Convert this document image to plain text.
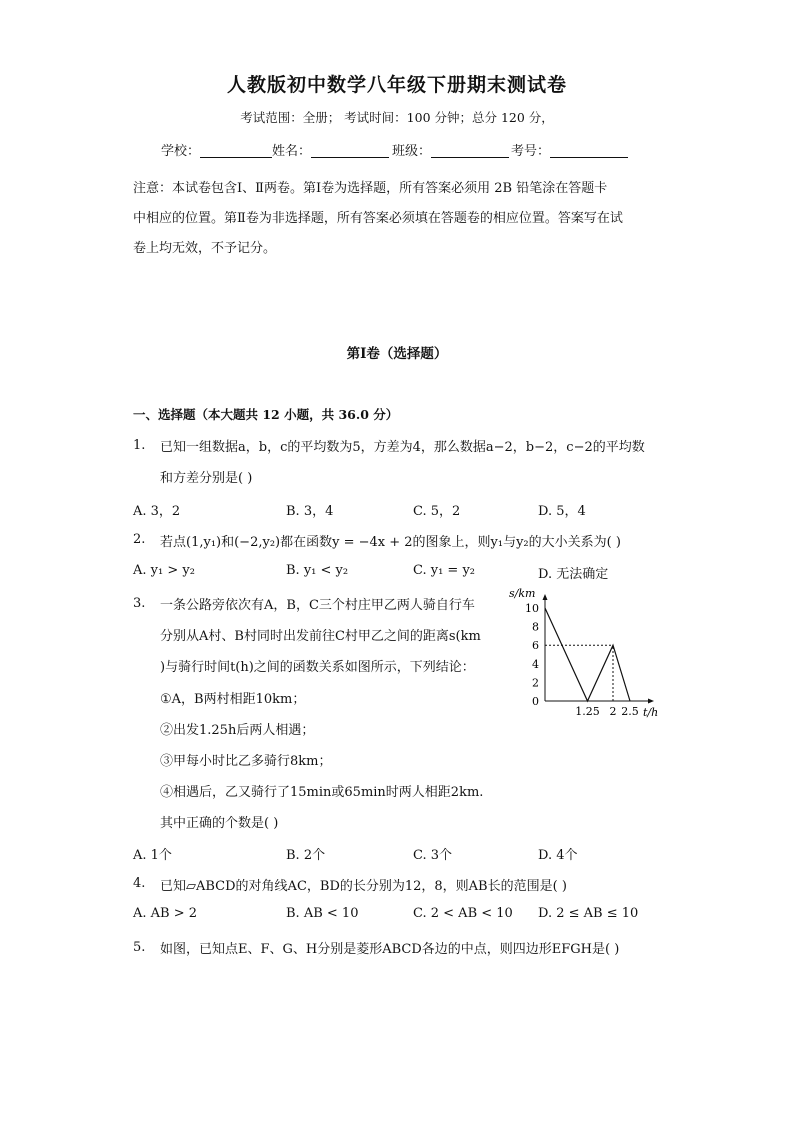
人教版初中数学八年级下册期末测试卷
考试范围：全册； 考试时间：100 分钟；总分 120 分，
学校：	姓名：	班级：	考号：
注意：本试卷包含Ⅰ、Ⅱ两卷。第Ⅰ卷为选择题，所有答案必须用 2B 铅笔涂在答题卡
中相应的位置。第Ⅱ卷为非选择题，所有答案必须填在答题卷的相应位置。答案写在试
卷上均无效，不予记分。
第Ⅰ卷（选择题）
一、选择题（本大题共 12 小题，共 36.0 分）
1. 已知一组数据a，b，c的平均数为5，方差为4，那么数据a−2，b−2，c−2的平均数
和方差分别是( )
A. 3，2	B. 3，4	C. 5，2	D. 5，4
2. 若点(1,y₁)和(−2,y₂)都在函数y = −4x + 2的图象上，则y₁与y₂的大小关系为( )
A. y₁ > y₂	B. y₁ < y₂	C. y₁ = y₂	D. 无法确定
3. 一条公路旁依次有A，B，C三个村庄甲乙两人骑自行车
分别从A村、B村同时出发前往C村甲乙之间的距离s(km
)与骑行时间t(h)之间的函数关系如图所示，下列结论：
①A，B两村相距10km；
②出发1.25h后两人相遇；
③甲每小时比乙多骑行8km；
④相遇后，乙又骑行了15min或65min时两人相距2km.
其中正确的个数是( )
A. 1个	B. 2个	C. 3个	D. 4个
s/km
t/h
10
8
6
4
2
0
1.25 2 2.5
4. 已知▱ABCD的对角线AC，BD的长分别为12，8，则AB长的范围是( )
A. AB > 2	B. AB < 10	C. 2 < AB < 10 D. 2 ≤ AB ≤ 10
5. 如图，已知点E、F、G、H分别是菱形ABCD各边的中点，则四边形EFGH是( )
